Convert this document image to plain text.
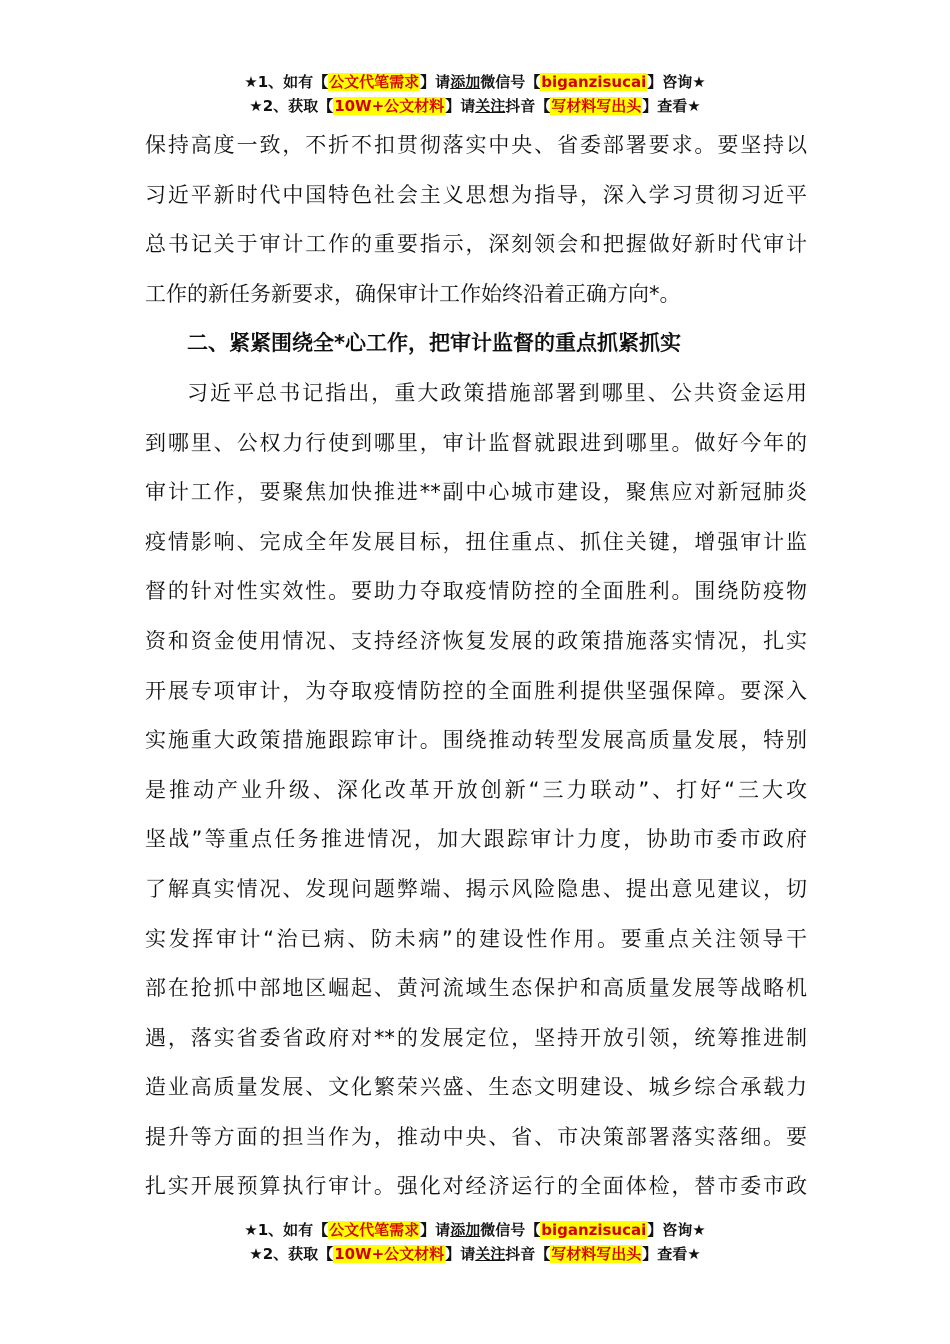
★1、如有【公文代笔需求】请添加微信号【biganzisucai】咨询★
★2、获取【10W+公文材料】请关注抖音【写材料写出头】查看★
保持高度一致，不折不扣贯彻落实中央、省委部署要求。要坚持以
习近平新时代中国特色社会主义思想为指导，深入学习贯彻习近平
总书记关于审计工作的重要指示，深刻领会和把握做好新时代审计
工作的新任务新要求，确保审计工作始终沿着正确方向*。
二、紧紧围绕全*心工作，把审计监督的重点抓紧抓实
习近平总书记指出，重大政策措施部署到哪里、公共资金运用
到哪里、公权力行使到哪里，审计监督就跟进到哪里。做好今年的
审计工作，要聚焦加快推进**副中心城市建设，聚焦应对新冠肺炎
疫情影响、完成全年发展目标，扭住重点、抓住关键，增强审计监
督的针对性实效性。要助力夺取疫情防控的全面胜利。围绕防疫物
资和资金使用情况、支持经济恢复发展的政策措施落实情况，扎实
开展专项审计，为夺取疫情防控的全面胜利提供坚强保障。要深入
实施重大政策措施跟踪审计。围绕推动转型发展高质量发展，特别
是推动产业升级、深化改革开放创新“三力联动”、打好“三大攻
坚战”等重点任务推进情况，加大跟踪审计力度，协助市委市政府
了解真实情况、发现问题弊端、揭示风险隐患、提出意见建议，切
实发挥审计“治已病、防未病”的建设性作用。要重点关注领导干
部在抢抓中部地区崛起、黄河流域生态保护和高质量发展等战略机
遇，落实省委省政府对**的发展定位，坚持开放引领，统筹推进制
造业高质量发展、文化繁荣兴盛、生态文明建设、城乡综合承载力
提升等方面的担当作为，推动中央、省、市决策部署落实落细。要
扎实开展预算执行审计。强化对经济运行的全面体检，替市委市政
★1、如有【公文代笔需求】请添加微信号【biganzisucai】咨询★
★2、获取【10W+公文材料】请关注抖音【写材料写出头】查看★
